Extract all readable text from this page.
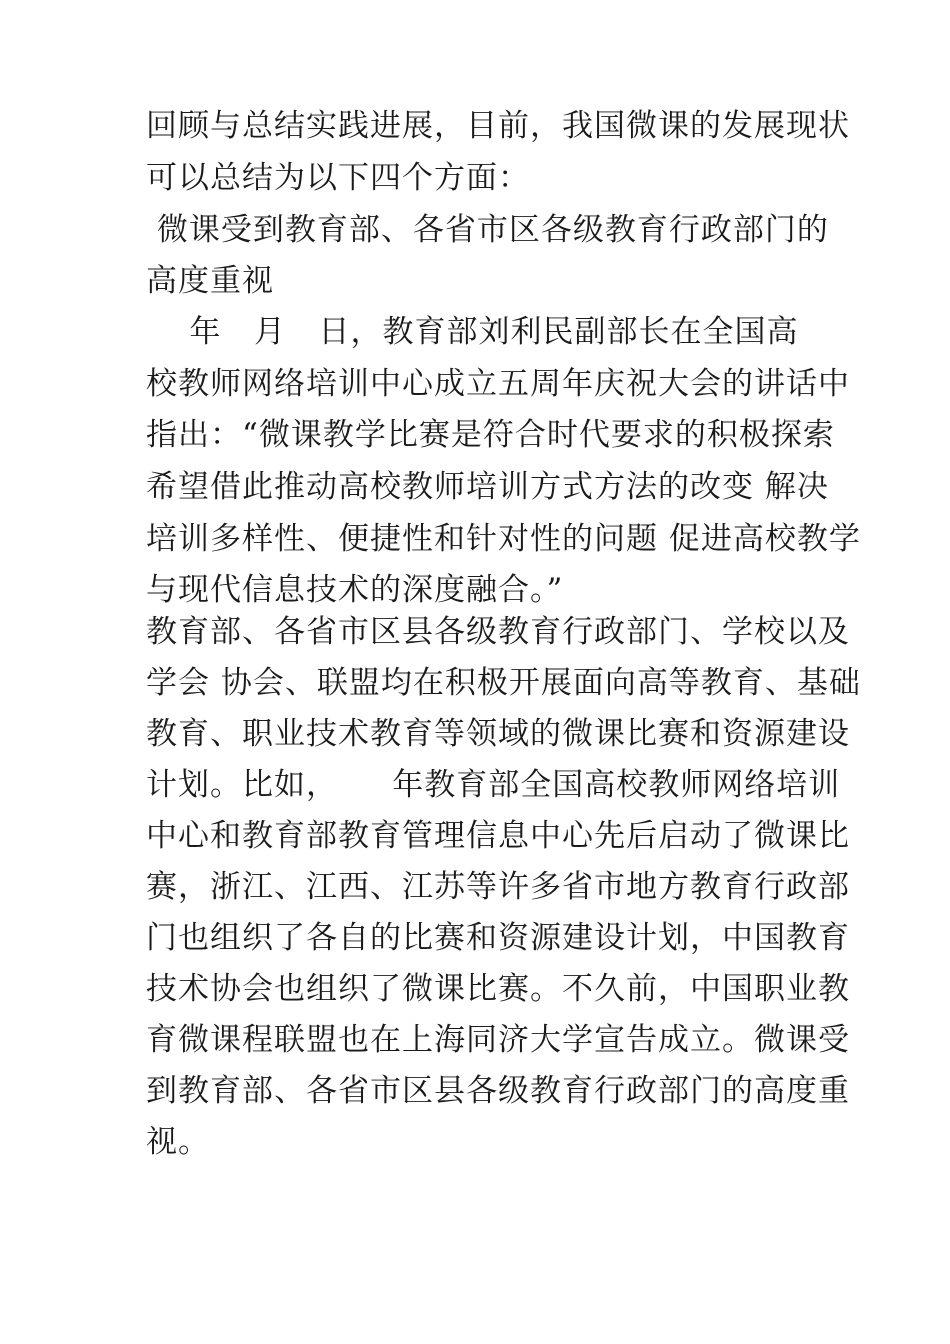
回顾与总结实践进展，目前，我国微课的发展现状

可以总结为以下四个方面：

微课受到教育部、各省市区各级教育行政部门的

高度重视

年   月   日，教育部刘利民副部长在全国高

校教师网络培训中心成立五周年庆祝大会的讲话中

指出：“微课教学比赛是符合时代要求的积极探索

希望借此推动高校教师培训方式方法的改变 解决

培训多样性、便捷性和针对性的问题 促进高校教学

与现代信息技术的深度融合。”

教育部、各省市区县各级教育行政部门、学校以及

学会 协会、联盟均在积极开展面向高等教育、基础

教育、职业技术教育等领域的微课比赛和资源建设

计划。比如，     年教育部全国高校教师网络培训

中心和教育部教育管理信息中心先后启动了微课比

赛，浙江、江西、江苏等许多省市地方教育行政部

门也组织了各自的比赛和资源建设计划，中国教育

技术协会也组织了微课比赛。不久前，中国职业教

育微课程联盟也在上海同济大学宣告成立。微课受

到教育部、各省市区县各级教育行政部门的高度重

视。
